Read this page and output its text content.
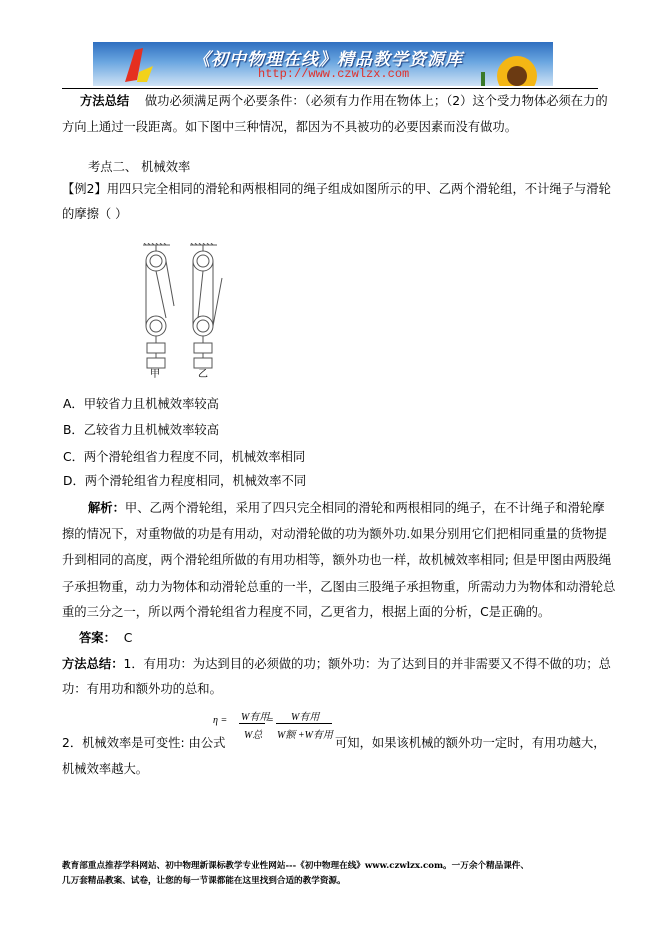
《初中物理在线》精品教学资源库
http://www.czwlzx.com
方法总结 做功必须满足两个必要条件：（必须有力作用在物体上；（2）这个受力物体必须在力的
方向上通过一段距离。如下图中三种情况，都因为不具被功的必要因素而没有做功。
考点二、 机械效率
【例2】用四只完全相同的滑轮和两根相同的绳子组成如图所示的甲、乙两个滑轮组，不计绳子与滑轮
的摩擦（ ）
甲	乙
A．甲较省力且机械效率较高
B．乙较省力且机械效率较高
C．两个滑轮组省力程度不同，机械效率相同
D．两个滑轮组省力程度相同，机械效率不同
解析：甲、乙两个滑轮组，采用了四只完全相同的滑轮和两根相同的绳子，在不计绳子和滑轮摩
擦的情况下，对重物做的功是有用动，对动滑轮做的功为额外功.如果分别用它们把相同重量的货物提
升到相同的高度，两个滑轮组所做的有用功相等，额外功也一样，故机械效率相同; 但是甲图由两股绳
子承担物重，动力为物体和动滑轮总重的一半，乙图由三股绳子承担物重，所需动力为物体和动滑轮总
重的三分之一，所以两个滑轮组省力程度不同，乙更省力，根据上面的分析，C是正确的。
答案： C
方法总结：1．有用功：为达到目的必须做的功；额外功：为了达到目的并非需要又不得不做的功；总
功：有用功和额外功的总和。
2．机械效率是可变性: 由公式
η = W有用
W总
= W有用
W额 +W有用
可知，如果该机械的额外功一定时，有用功越大，
机械效率越大。
教育部重点推荐学科网站、初中物理新课标教学专业性网站---《初中物理在线》www.czwlzx.com。一万余个精品课件、
几万套精品教案、试卷，让您的每一节课都能在这里找到合适的教学资源。
